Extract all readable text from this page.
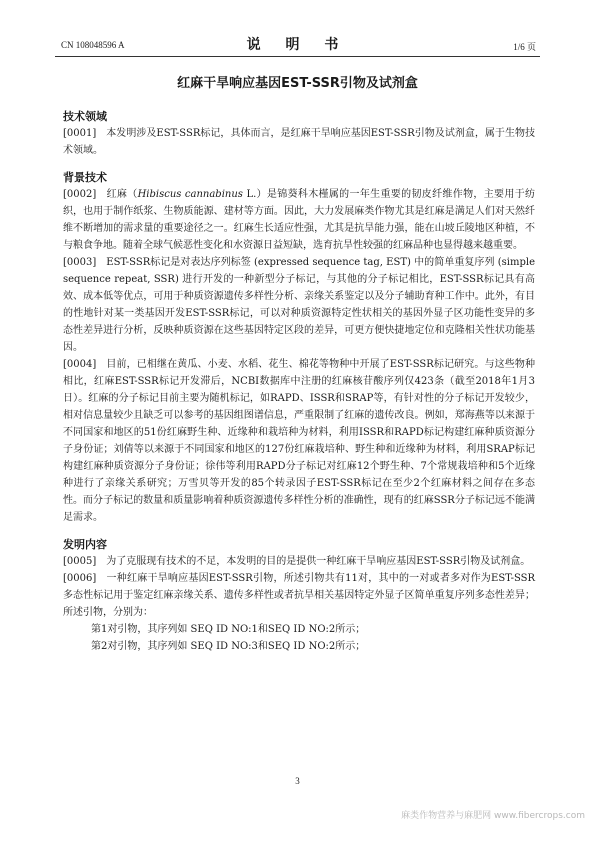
CN 108048596 A	说 明 书	1/6 页
红麻干旱响应基因EST-SSR引物及试剂盒

技术领域

[0001] 本发明涉及EST-SSR标记，具体而言，是红麻干旱响应基因EST-SSR引物及试剂盒，属于生物技术领域。

背景技术

[0002] 红麻（Hibiscus cannabinus L.）是锦葵科木槿属的一年生重要的韧皮纤维作物，主要用于纺织，也用于制作纸浆、生物质能源、建材等方面。因此，大力发展麻类作物尤其是红麻是满足人们对天然纤维不断增加的需求量的重要途径之一。红麻生长适应性强，尤其是抗旱能力强，能在山坡丘陵地区种植，不与粮食争地。随着全球气候恶性变化和水资源日益短缺，选育抗旱性较强的红麻品种也显得越来越重要。

[0003] EST-SSR标记是对表达序列标签 (expressed sequence tag, EST) 中的简单重复序列 (simple sequence repeat, SSR) 进行开发的一种新型分子标记，与其他的分子标记相比，EST-SSR标记具有高效、成本低等优点，可用于种质资源遗传多样性分析、亲缘关系鉴定以及分子辅助育种工作中。此外，有目的性地针对某一类基因开发EST-SSR标记，可以对种质资源特定性状相关的基因外显子区功能性变异的多态性差异进行分析，反映种质资源在这些基因特定区段的差异，可更方便快捷地定位和克隆相关性状功能基因。

[0004] 目前，已相继在黄瓜、小麦、水稻、花生、棉花等物种中开展了EST-SSR标记研究。与这些物种相比，红麻EST-SSR标记开发滞后，NCBI数据库中注册的红麻核苷酸序列仅423条（截至2018年1月3日）。红麻的分子标记目前主要为随机标记，如RAPD、ISSR和SRAP等，有针对性的分子标记开发较少，相对信息量较少且缺乏可以参考的基因组图谱信息，严重限制了红麻的遗传改良。例如，郑海燕等以来源于不同国家和地区的51份红麻野生种、近缘种和栽培种为材料，利用ISSR和RAPD标记构建红麻种质资源分子身份证；刘倩等以来源于不同国家和地区的127份红麻栽培种、野生种和近缘种为材料，利用SRAP标记构建红麻种质资源分子身份证；徐伟等利用RAPD分子标记对红麻12个野生种、7个常规栽培种和5个近缘种进行了亲缘关系研究；万雪贝等开发的85个转录因子EST-SSR标记在至少2个红麻材料之间存在多态性。而分子标记的数量和质量影响着种质资源遗传多样性分析的准确性，现有的红麻SSR分子标记远不能满足需求。

发明内容

[0005] 为了克服现有技术的不足，本发明的目的是提供一种红麻干旱响应基因EST-SSR引物及试剂盒。

[0006] 一种红麻干旱响应基因EST-SSR引物，所述引物共有11对，其中的一对或者多对作为EST-SSR多态性标记用于鉴定红麻亲缘关系、遗传多样性或者抗旱相关基因特定外显子区简单重复序列多态性差异；所述引物，分别为：

第1对引物，其序列如 SEQ ID NO:1和SEQ ID NO:2所示；

第2对引物，其序列如 SEQ ID NO:3和SEQ ID NO:2所示；

3
麻类作物营养与麻肥网 www.fibercrops.com
